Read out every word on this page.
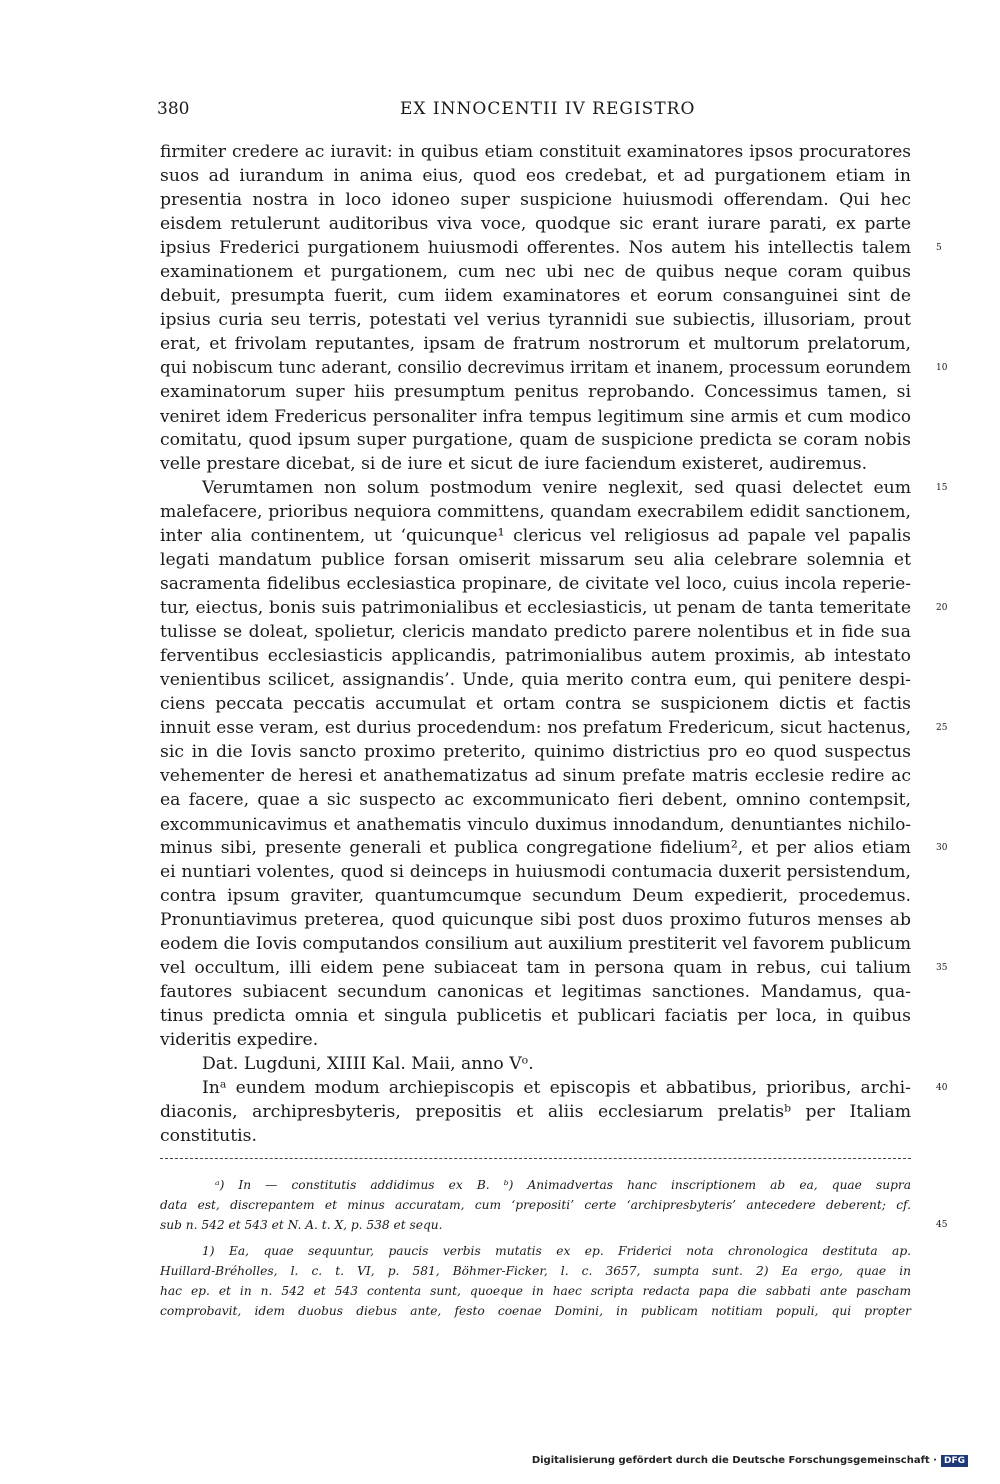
380	EX INNOCENTII IV REGISTRO
firmiter credere ac iuravit: in quibus etiam constituit examinatores ipsos procuratores
suos ad iurandum in anima eius, quod eos credebat, et ad purgationem etiam in
presentia nostra in loco idoneo super suspicione huiusmodi offerendam. Qui hec
eisdem retulerunt auditoribus viva voce, quodque sic erant iurare parati, ex parte
ipsius Frederici purgationem huiusmodi offerentes. Nos autem his intellectis talem
examinationem et purgationem, cum nec ubi nec de quibus neque coram quibus
debuit, presumpta fuerit, cum iidem examinatores et eorum consanguinei sint de
ipsius curia seu terris, potestati vel verius tyrannidi sue subiectis, illusoriam, prout
erat, et frivolam reputantes, ipsam de fratrum nostrorum et multorum prelatorum,
qui nobiscum tunc aderant, consilio decrevimus irritam et inanem, processum eorundem
examinatorum super hiis presumptum penitus reprobando. Concessimus tamen, si
veniret idem Fredericus personaliter infra tempus legitimum sine armis et cum modico
comitatu, quod ipsum super purgatione, quam de suspicione predicta se coram nobis
velle prestare dicebat, si de iure et sicut de iure faciendum existeret, audiremus.
Verumtamen non solum postmodum venire neglexit, sed quasi delectet eum
malefacere, prioribus nequiora committens, quandam execrabilem edidit sanctionem,
inter alia continentem, ut ‘quicunque¹ clericus vel religiosus ad papale vel papalis
legati mandatum publice forsan omiserit missarum seu alia celebrare solemnia et
sacramenta fidelibus ecclesiastica propinare, de civitate vel loco, cuius incola reperie-
tur, eiectus, bonis suis patrimonialibus et ecclesiasticis, ut penam de tanta temeritate
tulisse se doleat, spolietur, clericis mandato predicto parere nolentibus et in fide sua
ferventibus ecclesiasticis applicandis, patrimonialibus autem proximis, ab intestato
venientibus scilicet, assignandis’. Unde, quia merito contra eum, qui penitere despi-
ciens peccata peccatis accumulat et ortam contra se suspicionem dictis et factis
innuit esse veram, est durius procedendum: nos prefatum Fredericum, sicut hactenus,
sic in die Iovis sancto proximo preterito, quinimo districtius pro eo quod suspectus
vehementer de heresi et anathematizatus ad sinum prefate matris ecclesie redire ac
ea facere, quae a sic suspecto ac excommunicato fieri debent, omnino contempsit,
excommunicavimus et anathematis vinculo duximus innodandum, denuntiantes nichilo-
minus sibi, presente generali et publica congregatione fidelium², et per alios etiam
ei nuntiari volentes, quod si deinceps in huiusmodi contumacia duxerit persistendum,
contra ipsum graviter, quantumcumque secundum Deum expedierit, procedemus.
Pronuntiavimus preterea, quod quicunque sibi post duos proximo futuros menses ab
eodem die Iovis computandos consilium aut auxilium prestiterit vel favorem publicum
vel occultum, illi eidem pene subiaceat tam in persona quam in rebus, cui talium
fautores subiacent secundum canonicas et legitimas sanctiones. Mandamus, qua-
tinus predicta omnia et singula publicetis et publicari faciatis per loca, in quibus
videritis expedire.
Dat. Lugduni, XIIII Kal. Maii, anno Vᵒ.
Inᵃ eundem modum archiepiscopis et episcopis et abbatibus, prioribus, archi-
diaconis, archipresbyteris, prepositis et aliis ecclesiarum prelatisᵇ per Italiam
constitutis.
5
10
15
20
25
30
35
40
45
ᵃ) In — constitutis addidimus ex B. ᵇ) Animadvertas hanc inscriptionem ab ea, quae supra
data est, discrepantem et minus accuratam, cum ‘prepositi’ certe ‘archipresbyteris’ antecedere deberent; cf.
sub n. 542 et 543 et N. A. t. X, p. 538 et sequ.
1) Ea, quae sequuntur, paucis verbis mutatis ex ep. Friderici nota chronologica destituta ap.
Huillard-Bréholles, l. c. t. VI, p. 581, Böhmer-Ficker, l. c. 3657, sumpta sunt. 2) Ea ergo, quae in
hac ep. et in n. 542 et 543 contenta sunt, quoeque in haec scripta redacta papa die sabbati ante pascham
comprobavit, idem duobus diebus ante, festo coenae Domini, in publicam notitiam populi, qui propter
Digitalisierung gefördert durch die Deutsche Forschungsgemeinschaft · DFG
